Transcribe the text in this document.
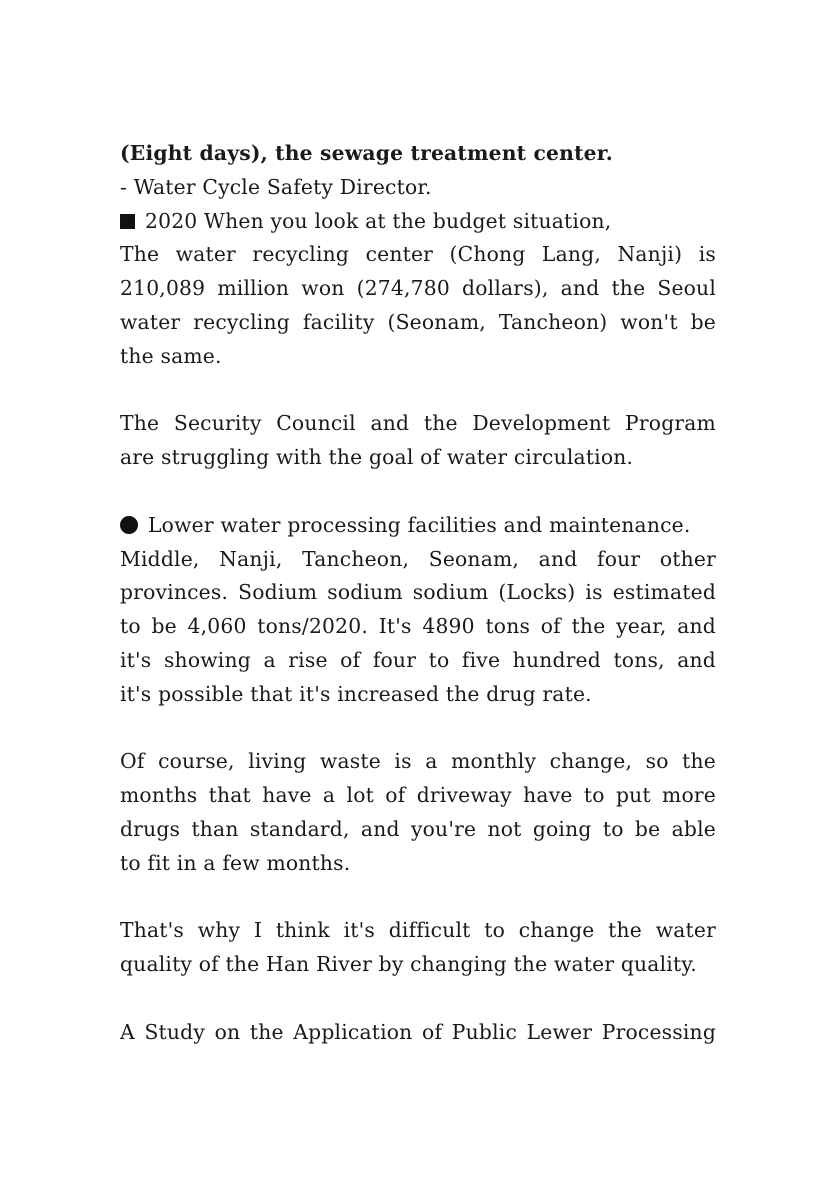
(Eight days), the sewage treatment center.
- Water Cycle Safety Director.
2020 When you look at the budget situation,
The water recycling center (Chong Lang, Nanji) is
210,089 million won (274,780 dollars), and the Seoul
water recycling facility (Seonam, Tancheon) won't be
the same.
The Security Council and the Development Program
are struggling with the goal of water circulation.
Lower water processing facilities and maintenance.
Middle, Nanji, Tancheon, Seonam, and four other
provinces. Sodium sodium sodium (Locks) is estimated
to be 4,060 tons/2020. It's 4890 tons of the year, and
it's showing a rise of four to five hundred tons, and
it's possible that it's increased the drug rate.
Of course, living waste is a monthly change, so the
months that have a lot of driveway have to put more
drugs than standard, and you're not going to be able
to fit in a few months.
That's why I think it's difficult to change the water
quality of the Han River by changing the water quality.
A Study on the Application of Public Lewer Processing
